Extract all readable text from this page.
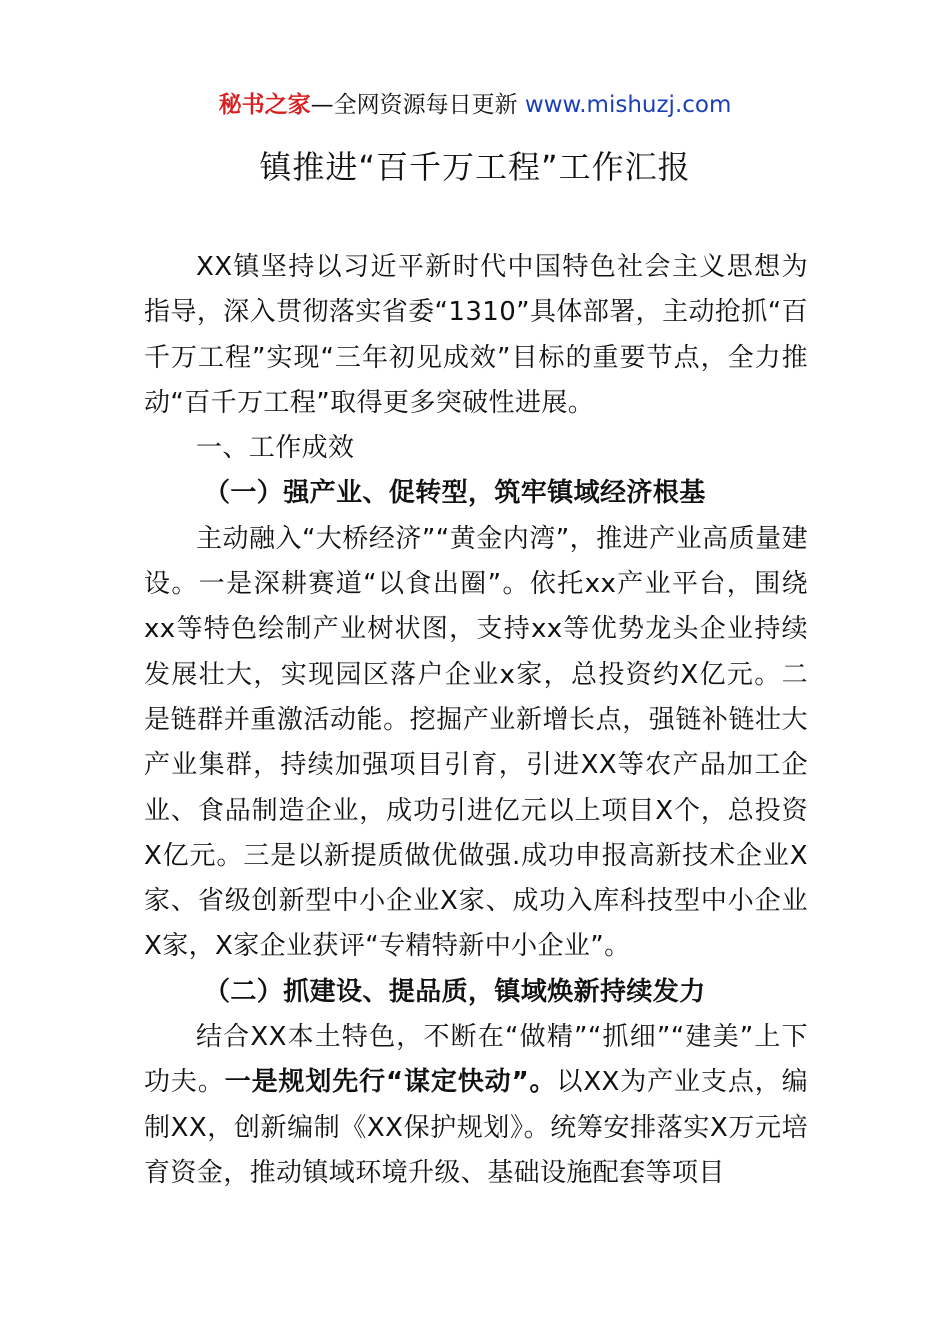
秘书之家—全网资源每日更新 www.mishuzj.com
镇推进“百千万工程”工作汇报

XX镇坚持以习近平新时代中国特色社会主义思想为指导，深入贯彻落实省委“1310”具体部署，主动抢抓“百千万工程”实现“三年初见成效”目标的重要节点，全力推动“百千万工程”取得更多突破性进展。

一、工作成效

（一）强产业、促转型，筑牢镇域经济根基

主动融入“大桥经济”“黄金内湾”，推进产业高质量建设。一是深耕赛道“以食出圈”。依托xx产业平台，围绕xx等特色绘制产业树状图，支持xx等优势龙头企业持续发展壮大，实现园区落户企业x家，总投资约X亿元。二是链群并重激活动能。挖掘产业新增长点，强链补链壮大产业集群，持续加强项目引育，引进XX等农产品加工企业、食品制造企业，成功引进亿元以上项目X个，总投资X亿元。三是以新提质做优做强.成功申报高新技术企业X家、省级创新型中小企业X家、成功入库科技型中小企业X家，X家企业获评“专精特新中小企业”。

（二）抓建设、提品质，镇域焕新持续发力

结合XX本土特色，不断在“做精”“抓细”“建美”上下功夫。一是规划先行“谋定快动”。以XX为产业支点，编制XX，创新编制《XX保护规划》。统筹安排落实X万元培育资金，推动镇域环境升级、基础设施配套等项目
